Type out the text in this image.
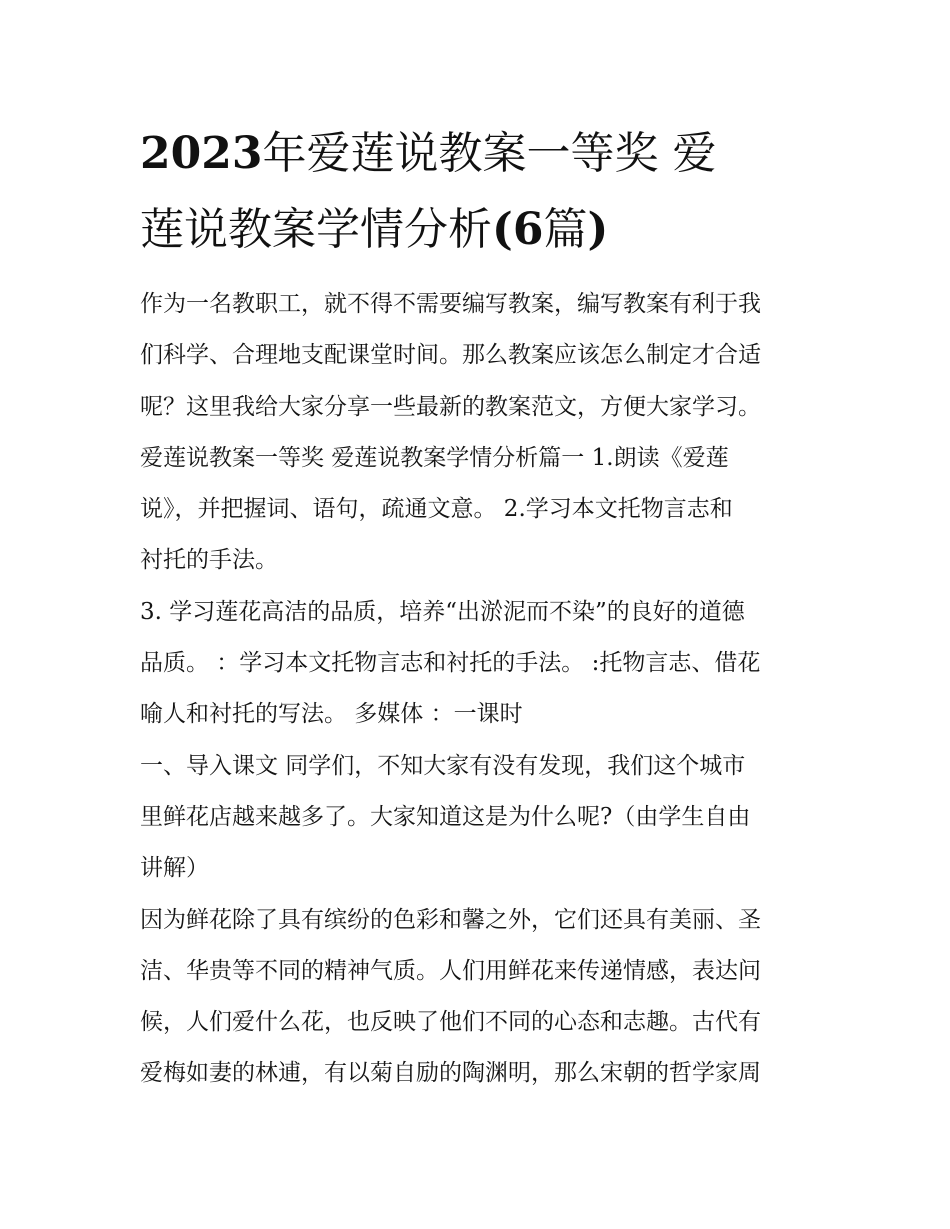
2023年爱莲说教案一等奖 爱
莲说教案学情分析(6篇)
作为一名教职工，就不得不需要编写教案，编写教案有利于我
们科学、合理地支配课堂时间。那么教案应该怎么制定才合适
呢？这里我给大家分享一些最新的教案范文，方便大家学习。
爱莲说教案一等奖 爱莲说教案学情分析篇一 1.朗读《爱莲
说》，并把握词、语句，疏通文意。 2.学习本文托物言志和
衬托的手法。
3. 学习莲花高洁的品质，培养“出淤泥而不染”的良好的道德
品质。 ：学习本文托物言志和衬托的手法。 :托物言志、借花
喻人和衬托的写法。 多媒体 ：一课时
一、导入课文 同学们，不知大家有没有发现，我们这个城市
里鲜花店越来越多了。大家知道这是为什么呢?（由学生自由
讲解）
因为鲜花除了具有缤纷的色彩和馨之外，它们还具有美丽、圣
洁、华贵等不同的精神气质。人们用鲜花来传递情感，表达问
候，人们爱什么花，也反映了他们不同的心态和志趣。古代有
爱梅如妻的林逋，有以菊自励的陶渊明，那么宋朝的哲学家周
